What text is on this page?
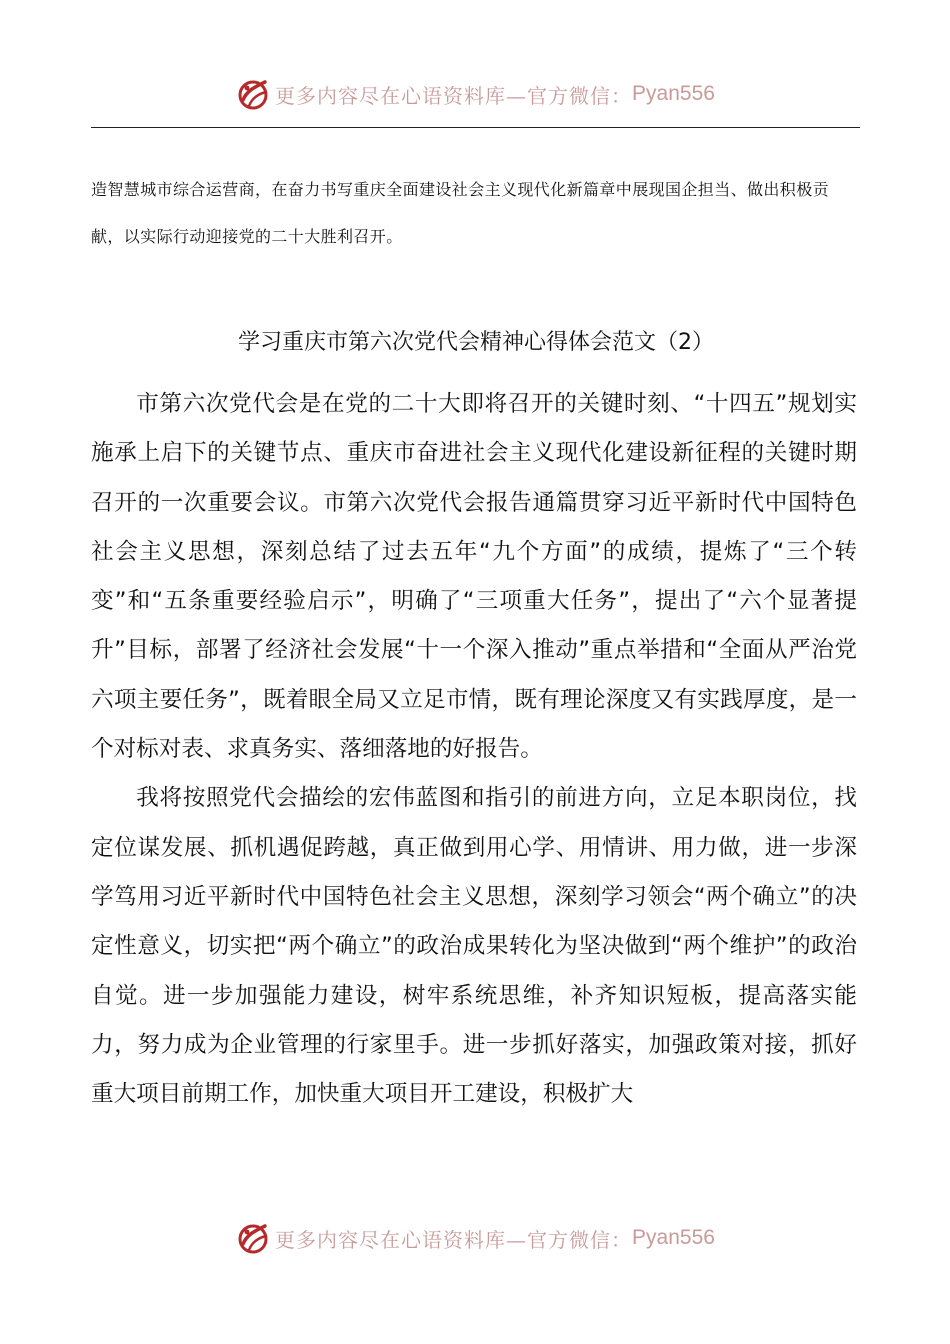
更多内容尽在心语资料库—官方微信： Pyan556

造智慧城市综合运营商，在奋力书写重庆全面建设社会主义现代化新篇章中展现国企担当、做出积极贡献，以实际行动迎接党的二十大胜利召开。

学习重庆市第六次党代会精神心得体会范文（2）

市第六次党代会是在党的二十大即将召开的关键时刻、“十四五”规划实施承上启下的关键节点、重庆市奋进社会主义现代化建设新征程的关键时期召开的一次重要会议。市第六次党代会报告通篇贯穿习近平新时代中国特色社会主义思想，深刻总结了过去五年“九个方面”的成绩，提炼了“三个转变”和“五条重要经验启示”，明确了“三项重大任务”，提出了“六个显著提升”目标，部署了经济社会发展“十一个深入推动”重点举措和“全面从严治党六项主要任务”，既着眼全局又立足市情，既有理论深度又有实践厚度，是一个对标对表、求真务实、落细落地的好报告。

我将按照党代会描绘的宏伟蓝图和指引的前进方向，立足本职岗位，找定位谋发展、抓机遇促跨越，真正做到用心学、用情讲、用力做，进一步深学笃用习近平新时代中国特色社会主义思想，深刻学习领会“两个确立”的决定性意义，切实把“两个确立”的政治成果转化为坚决做到“两个维护”的政治自觉。进一步加强能力建设，树牢系统思维，补齐知识短板，提高落实能力，努力成为企业管理的行家里手。进一步抓好落实，加强政策对接，抓好重大项目前期工作，加快重大项目开工建设，积极扩大

更多内容尽在心语资料库—官方微信： Pyan556
